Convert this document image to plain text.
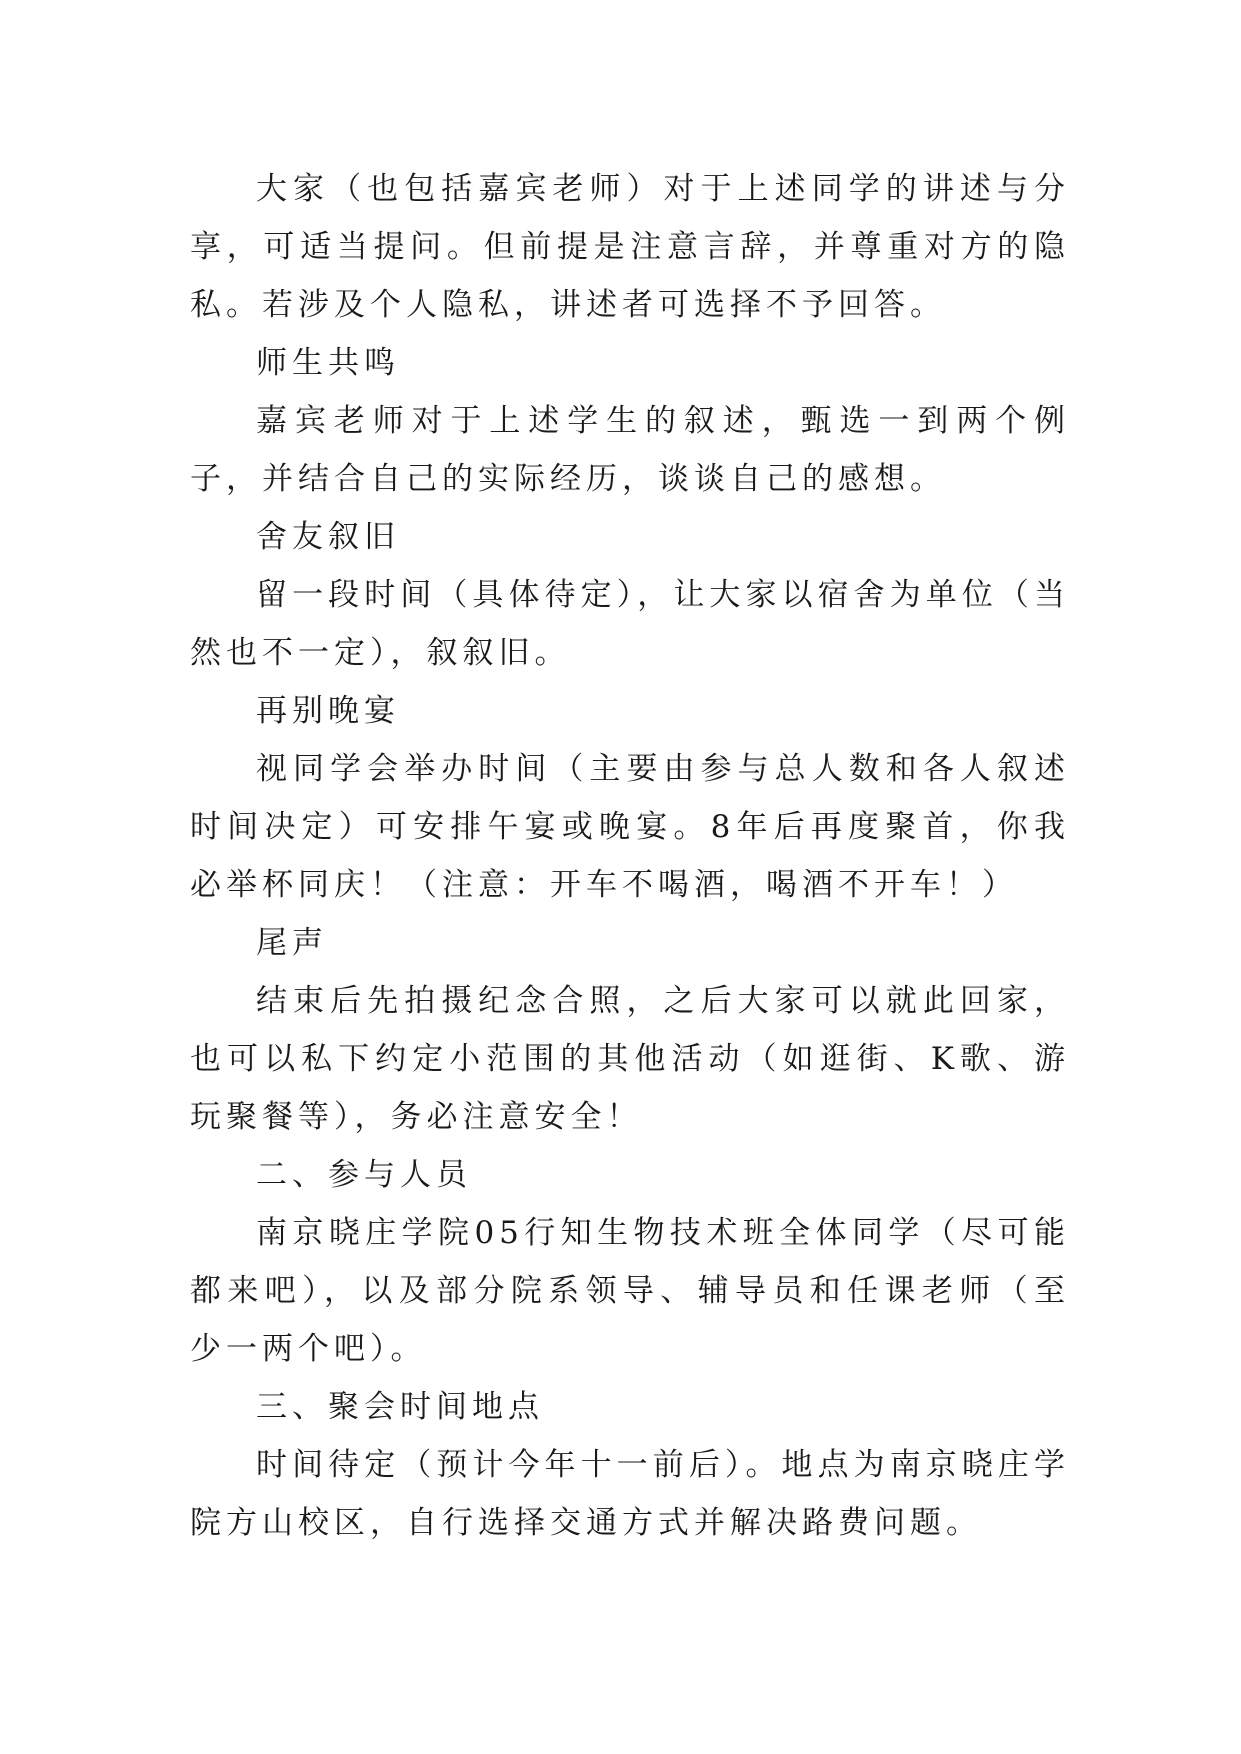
大家（也包括嘉宾老师）对于上述同学的讲述与分享，可适当提问。但前提是注意言辞，并尊重对方的隐私。若涉及个人隐私，讲述者可选择不予回答。

师生共鸣

嘉宾老师对于上述学生的叙述，甄选一到两个例子，并结合自己的实际经历，谈谈自己的感想。

舍友叙旧

留一段时间（具体待定），让大家以宿舍为单位（当然也不一定），叙叙旧。

再别晚宴

视同学会举办时间（主要由参与总人数和各人叙述时间决定）可安排午宴或晚宴。8年后再度聚首，你我必举杯同庆！（注意：开车不喝酒，喝酒不开车！）

尾声

结束后先拍摄纪念合照，之后大家可以就此回家，也可以私下约定小范围的其他活动（如逛街、K歌、游玩聚餐等），务必注意安全！

二、参与人员

南京晓庄学院05行知生物技术班全体同学（尽可能都来吧），以及部分院系领导、辅导员和任课老师（至少一两个吧）。

三、聚会时间地点

时间待定（预计今年十一前后）。地点为南京晓庄学院方山校区，自行选择交通方式并解决路费问题。
